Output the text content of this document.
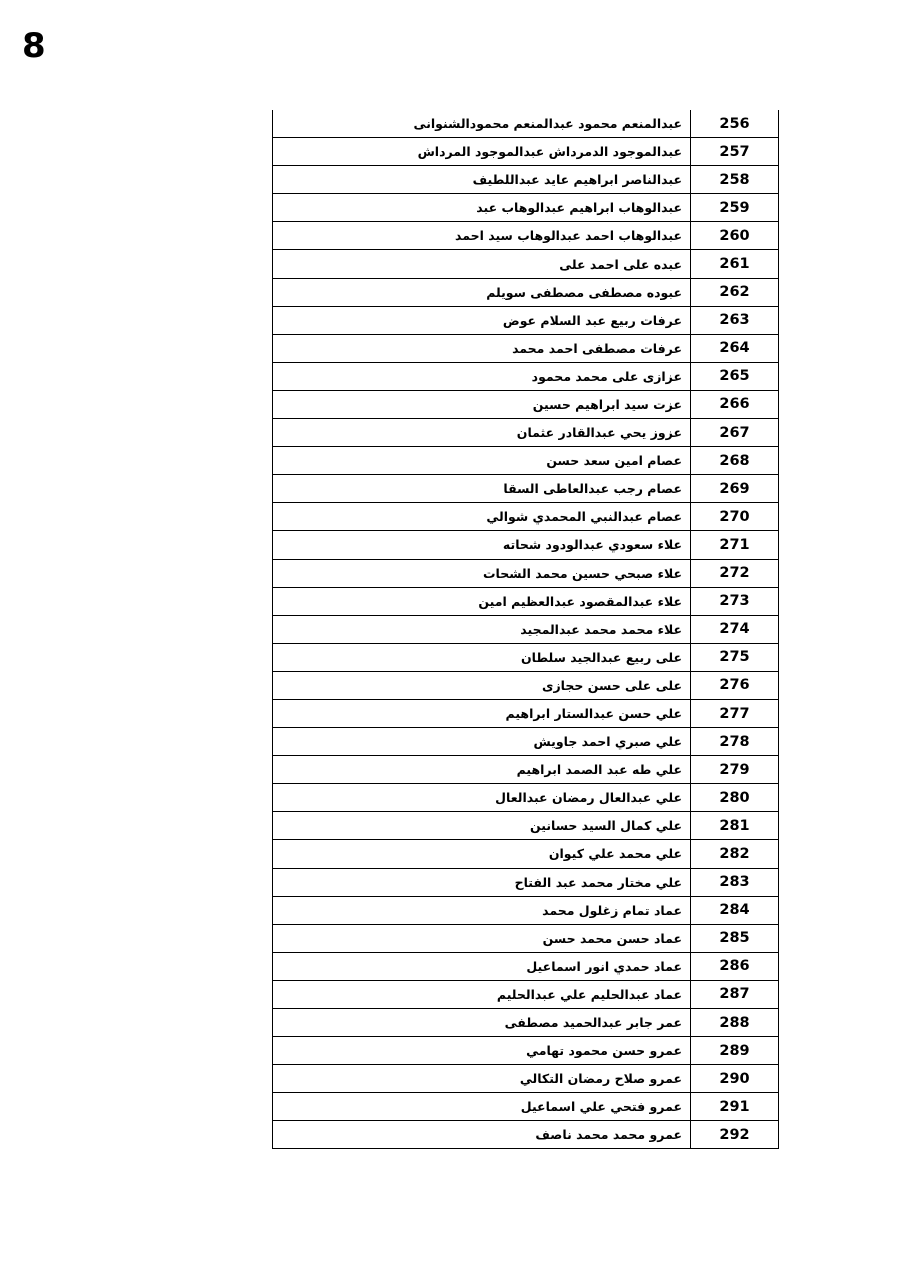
8
عبدالمنعم محمود عبدالمنعم محمودالشنوانى	256
عبدالموجود الدمرداش عبدالموجود المرداش	257
عبدالناصر ابراهيم عايد عبداللطيف	258
عبدالوهاب ابراهيم عبدالوهاب عبد	259
عبدالوهاب احمد عبدالوهاب سيد احمد	260
عبده على احمد على	261
عبوده مصطفى مصطفى سويلم	262
عرفات ربيع عبد السلام عوض	263
عرفات مصطفى احمد محمد	264
عزازى على محمد محمود	265
عزت سيد ابراهيم حسين	266
عزوز يحي عبدالقادر عثمان	267
عصام امين سعد حسن	268
عصام رجب عبدالعاطى السقا	269
عصام عبدالنبي المحمدي شوالي	270
علاء سعودي عبدالودود شحاته	271
علاء صبحي حسين محمد الشحات	272
علاء عبدالمقصود عبدالعظيم امين	273
علاء محمد محمد عبدالمجيد	274
على ربيع عبدالجيد سلطان	275
على على حسن حجازى	276
علي حسن عبدالستار ابراهيم	277
علي صبري احمد جاويش	278
علي طه عبد الصمد ابراهيم	279
علي عبدالعال رمضان عبدالعال	280
علي كمال السيد حسانين	281
علي محمد علي كيوان	282
علي مختار محمد عبد الفتاح	283
عماد تمام زغلول محمد	284
عماد حسن محمد حسن	285
عماد حمدي انور اسماعيل	286
عماد عبدالحليم علي عبدالحليم	287
عمر جابر عبدالحميد مصطفى	288
عمرو حسن محمود تهامي	289
عمرو صلاح رمضان التكالي	290
عمرو فتحي علي اسماعيل	291
عمرو محمد محمد ناصف	292
